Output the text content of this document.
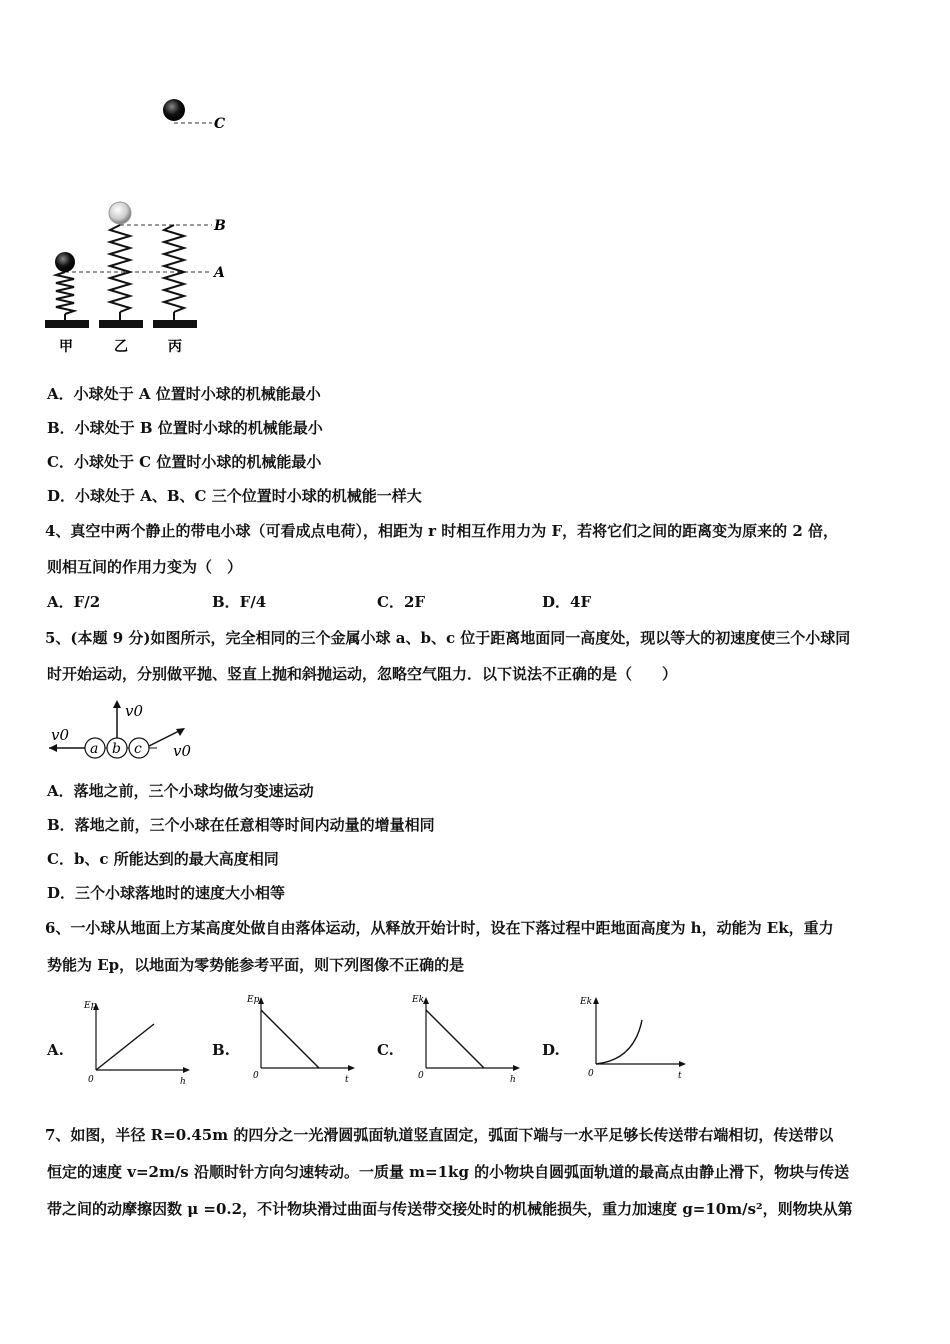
C
B
A
甲	乙	丙
A．小球处于 A 位置时小球的机械能最小
B．小球处于 B 位置时小球的机械能最小
C．小球处于 C 位置时小球的机械能最小
D．小球处于 A、B、C 三个位置时小球的机械能一样大
4、真空中两个静止的带电小球（可看成点电荷），相距为 r 时相互作用力为 F，若将它们之间的距离变为原来的 2 倍，
则相互间的作用力变为（　）
A．F/2	B．F/4	C．2F	D．4F
5、(本题 9 分)如图所示，完全相同的三个金属小球 a、b、c 位于距离地面同一高度处，现以等大的初速度使三个小球同
时开始运动，分别做平抛、竖直上抛和斜抛运动，忽略空气阻力．以下说法不正确的是（　　）
v0
a b c
v0
v0
A．落地之前，三个小球均做匀变速运动
B．落地之前，三个小球在任意相等时间内动量的增量相同
C．b、c 所能达到的最大高度相同
D．三个小球落地时的速度大小相等
6、一小球从地面上方某高度处做自由落体运动，从释放开始计时，设在下落过程中距地面高度为 h，动能为 Ek，重力
势能为 Ep，以地面为零势能参考平面，则下列图像不正确的是
A.
Ep
0	h
B.
Ep
0	t
C.
Ek
0	h
D.
Ek
0	t
7、如图，半径 R=0.45m 的四分之一光滑圆弧面轨道竖直固定，弧面下端与一水平足够长传送带右端相切，传送带以
恒定的速度 v=2m/s 沿顺时针方向匀速转动。一质量 m=1kg 的小物块自圆弧面轨道的最高点由静止滑下，物块与传送
带之间的动摩擦因数 μ =0.2，不计物块滑过曲面与传送带交接处时的机械能损失，重力加速度 g=10m/s²，则物块从第
